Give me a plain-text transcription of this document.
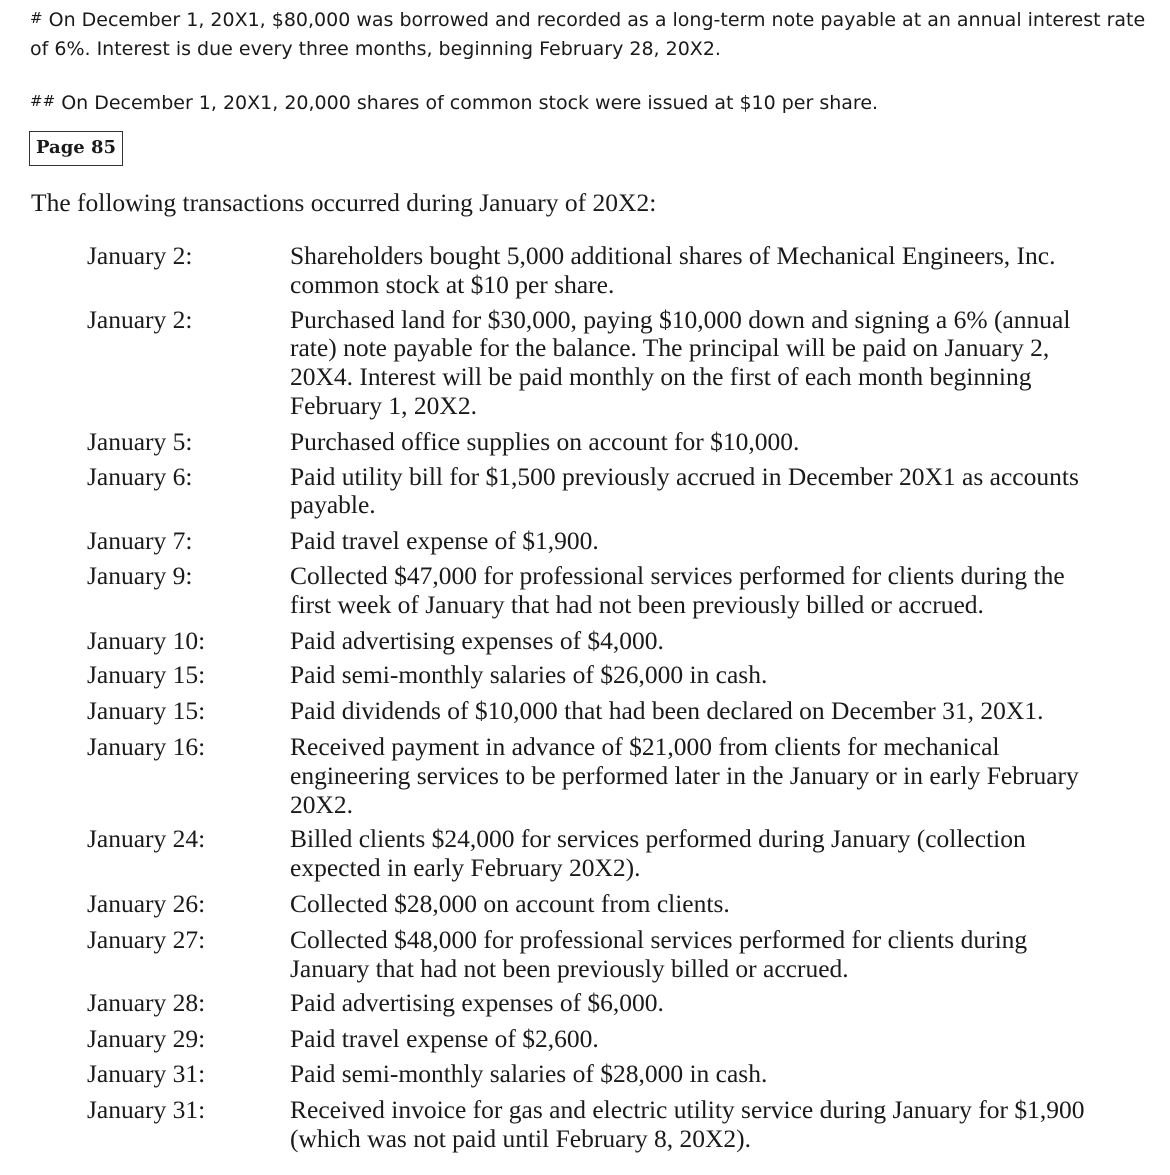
# On December 1, 20X1, $80,000 was borrowed and recorded as a long-term note payable at an annual interest rate of 6%. Interest is due every three months, beginning February 28, 20X2.

## On December 1, 20X1, 20,000 shares of common stock were issued at $10 per share.

Page 85

The following transactions occurred during January of 20X2:

January 2:	Shareholders bought 5,000 additional shares of Mechanical Engineers, Inc. common stock at $10 per share.
January 2:	Purchased land for $30,000, paying $10,000 down and signing a 6% (annual rate) note payable for the balance. The principal will be paid on January 2, 20X4. Interest will be paid monthly on the first of each month beginning February 1, 20X2.
January 5:	Purchased office supplies on account for $10,000.
January 6:	Paid utility bill for $1,500 previously accrued in December 20X1 as accounts payable.
January 7:	Paid travel expense of $1,900.
January 9:	Collected $47,000 for professional services performed for clients during the first week of January that had not been previously billed or accrued.
January 10:	Paid advertising expenses of $4,000.
January 15:	Paid semi-monthly salaries of $26,000 in cash.
January 15:	Paid dividends of $10,000 that had been declared on December 31, 20X1.
January 16:	Received payment in advance of $21,000 from clients for mechanical engineering services to be performed later in the January or in early February 20X2.
January 24:	Billed clients $24,000 for services performed during January (collection expected in early February 20X2).
January 26:	Collected $28,000 on account from clients.
January 27:	Collected $48,000 for professional services performed for clients during January that had not been previously billed or accrued.
January 28:	Paid advertising expenses of $6,000.
January 29:	Paid travel expense of $2,600.
January 31:	Paid semi-monthly salaries of $28,000 in cash.
January 31:	Received invoice for gas and electric utility service during January for $1,900 (which was not paid until February 8, 20X2).
